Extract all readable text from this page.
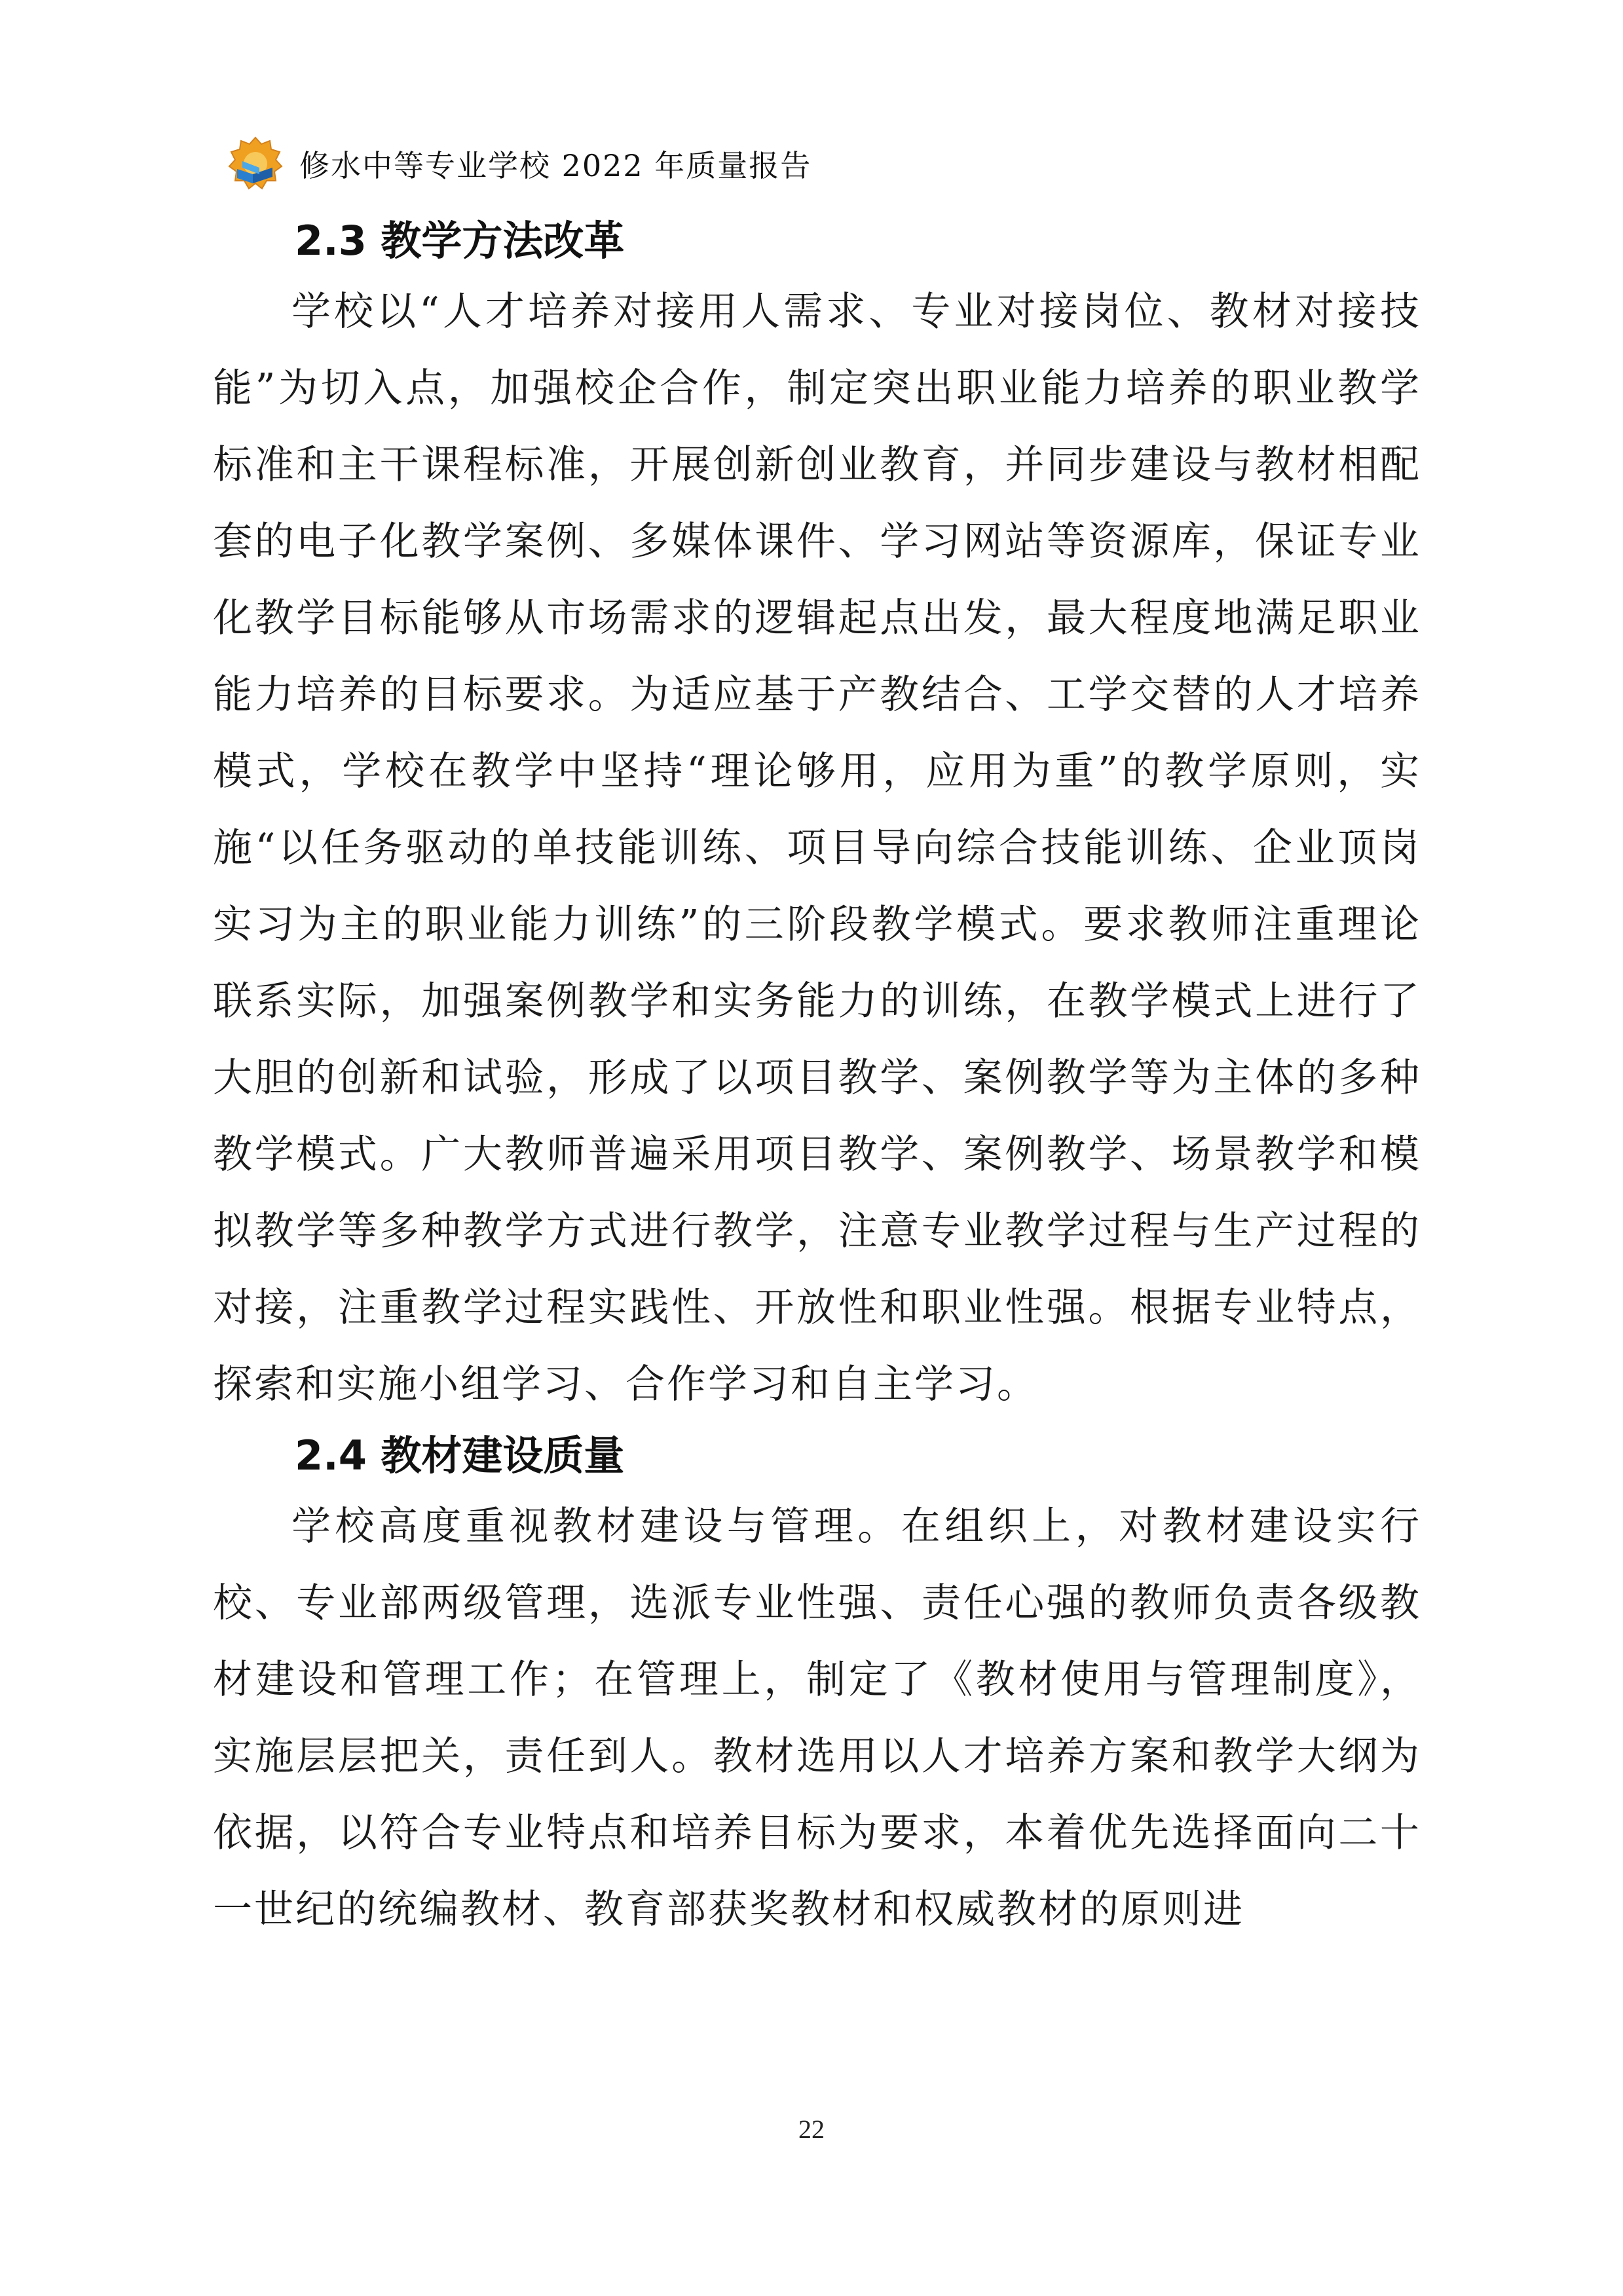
修水中等专业学校 2022 年质量报告
2.3 教学方法改革

学校以“人才培养对接用人需求、专业对接岗位、教材对接技能”为切入点，加强校企合作，制定突出职业能力培养的职业教学标准和主干课程标准，开展创新创业教育，并同步建设与教材相配套的电子化教学案例、多媒体课件、学习网站等资源库，保证专业化教学目标能够从市场需求的逻辑起点出发，最大程度地满足职业能力培养的目标要求。为适应基于产教结合、工学交替的人才培养模式，学校在教学中坚持“理论够用，应用为重”的教学原则，实施“以任务驱动的单技能训练、项目导向综合技能训练、企业顶岗实习为主的职业能力训练”的三阶段教学模式。要求教师注重理论联系实际，加强案例教学和实务能力的训练，在教学模式上进行了大胆的创新和试验，形成了以项目教学、案例教学等为主体的多种教学模式。广大教师普遍采用项目教学、案例教学、场景教学和模拟教学等多种教学方式进行教学，注意专业教学过程与生产过程的对接，注重教学过程实践性、开放性和职业性强。根据专业特点，探索和实施小组学习、合作学习和自主学习。

2.4 教材建设质量

学校高度重视教材建设与管理。在组织上，对教材建设实行校、专业部两级管理，选派专业性强、责任心强的教师负责各级教材建设和管理工作；在管理上，制定了《教材使用与管理制度》，实施层层把关，责任到人。教材选用以人才培养方案和教学大纲为依据，以符合专业特点和培养目标为要求，本着优先选择面向二十一世纪的统编教材、教育部获奖教材和权威教材的原则进

22
